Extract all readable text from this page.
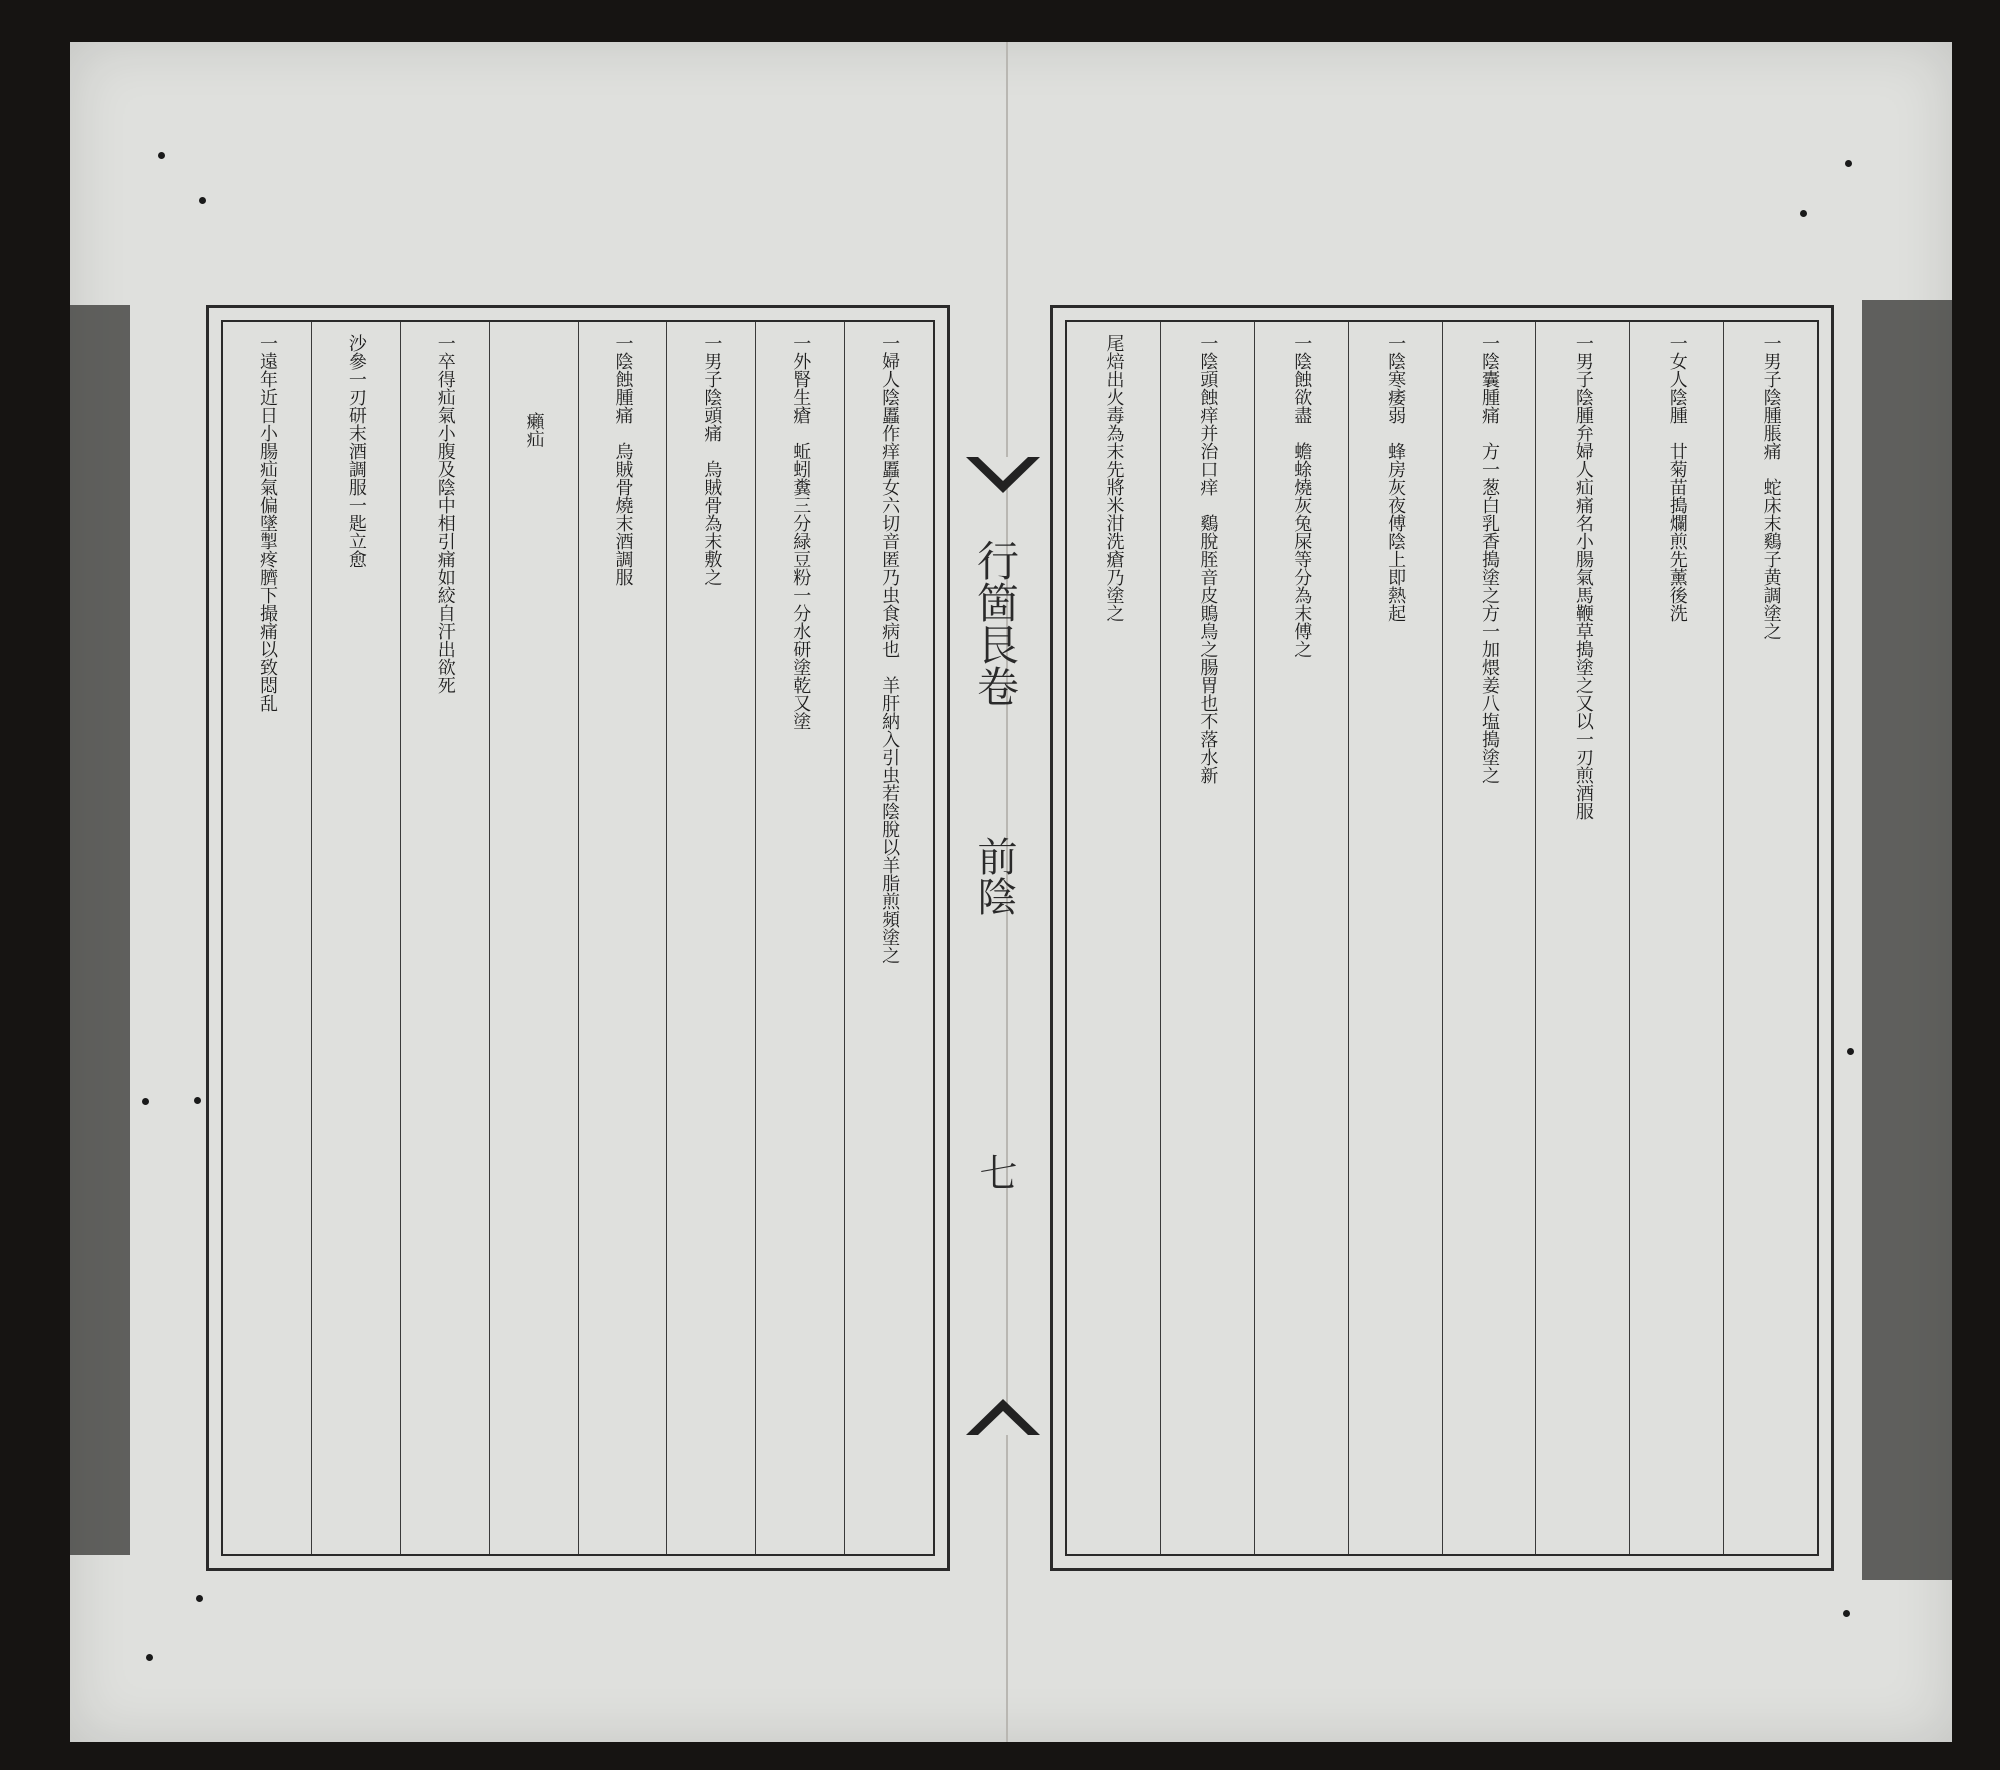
一婦人陰䘌作痒䘌女六切音匿乃虫食病也　羊肝納入引虫若陰脫以羊脂煎頻塗之
一外腎生瘡　蚯蚓糞三分緑豆粉一分水研塗乾又塗
一男子陰頭痛　烏賊骨為末敷之
一陰蝕腫痛　烏賊骨燒末酒調服
癩疝
一卒得疝氣小腹及陰中相引痛如絞自汗出欲死
沙參一刃研末酒調服一匙立愈
一遠年近日小腸疝氣偏墜掣疼臍下撮痛以致悶乱	行箇艮卷
前陰
七
一男子陰腫脹痛　蛇床末鷄子黄調塗之
一女人陰腫　廿菊苗搗爛煎先薰後洗
一男子陰腫弁婦人疝痛名小腸氣馬鞭草搗塗之又以一刃煎酒服
一陰囊腫痛　方一葱白乳香搗塗之方一加煨姜八塩搗塗之
一陰寒痿弱　蜂房灰夜傅陰上即熱起
一陰蝕欲盡　蟾蜍燒灰兔屎等分為末傅之
一陰頭蝕痒并治口痒　鷄脫胵音皮鵙鳥之腸胃也不落水新
尾焙出火毒為末先將米泔洗瘡乃塗之
